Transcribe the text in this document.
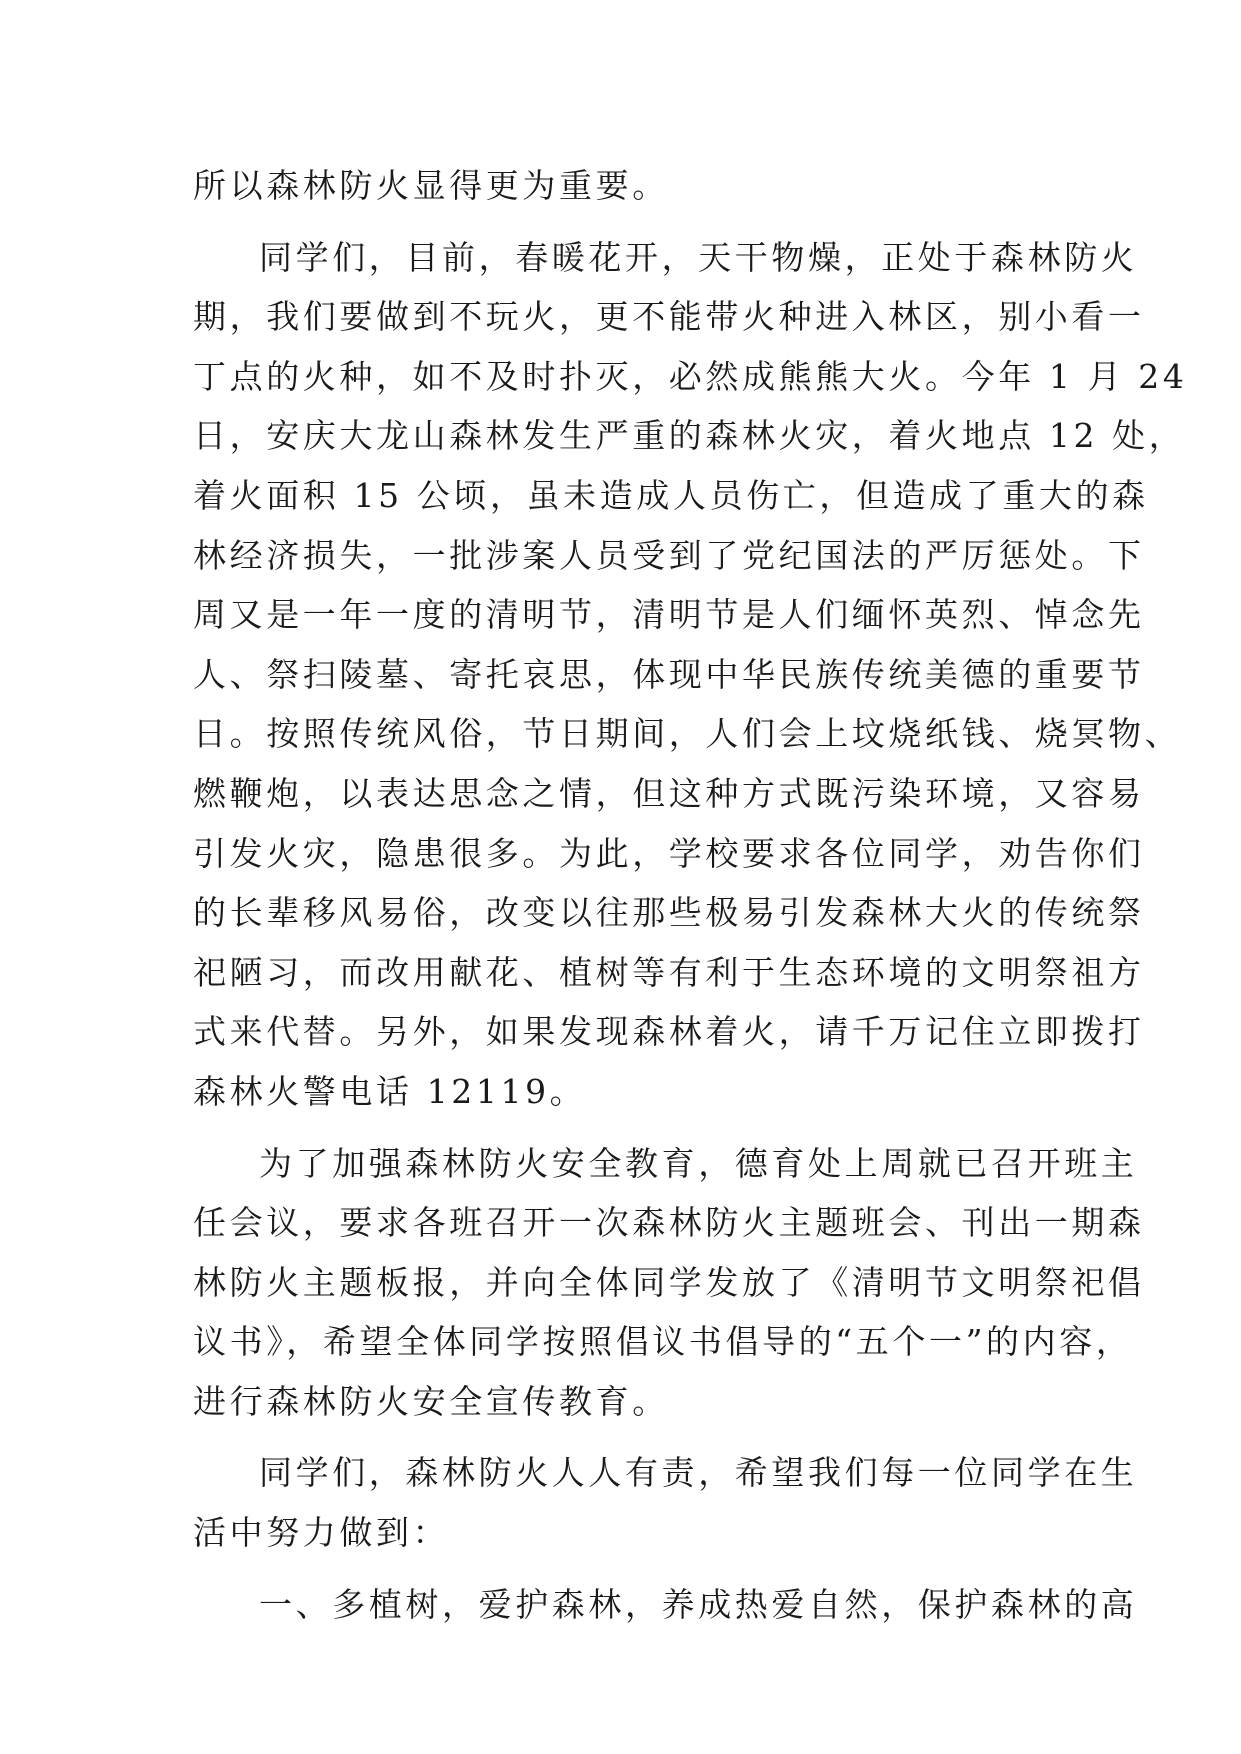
所以森林防火显得更为重要。
同学们，目前，春暖花开，天干物燥，正处于森林防火
期，我们要做到不玩火，更不能带火种进入林区，别小看一
丁点的火种，如不及时扑灭，必然成熊熊大火。今年 1 月 24
日，安庆大龙山森林发生严重的森林火灾，着火地点 12 处，
着火面积 15 公顷，虽未造成人员伤亡，但造成了重大的森
林经济损失，一批涉案人员受到了党纪国法的严厉惩处。下
周又是一年一度的清明节，清明节是人们缅怀英烈、悼念先
人、祭扫陵墓、寄托哀思，体现中华民族传统美德的重要节
日。按照传统风俗，节日期间，人们会上坟烧纸钱、烧冥物、
燃鞭炮，以表达思念之情，但这种方式既污染环境，又容易
引发火灾，隐患很多。为此，学校要求各位同学，劝告你们
的长辈移风易俗，改变以往那些极易引发森林大火的传统祭
祀陋习，而改用献花、植树等有利于生态环境的文明祭祖方
式来代替。另外，如果发现森林着火，请千万记住立即拨打
森林火警电话 12119。
为了加强森林防火安全教育，德育处上周就已召开班主
任会议，要求各班召开一次森林防火主题班会、刊出一期森
林防火主题板报，并向全体同学发放了《清明节文明祭祀倡
议书》，希望全体同学按照倡议书倡导的“五个一”的内容，
进行森林防火安全宣传教育。
同学们，森林防火人人有责，希望我们每一位同学在生
活中努力做到：
一、多植树，爱护森林，养成热爱自然，保护森林的高
